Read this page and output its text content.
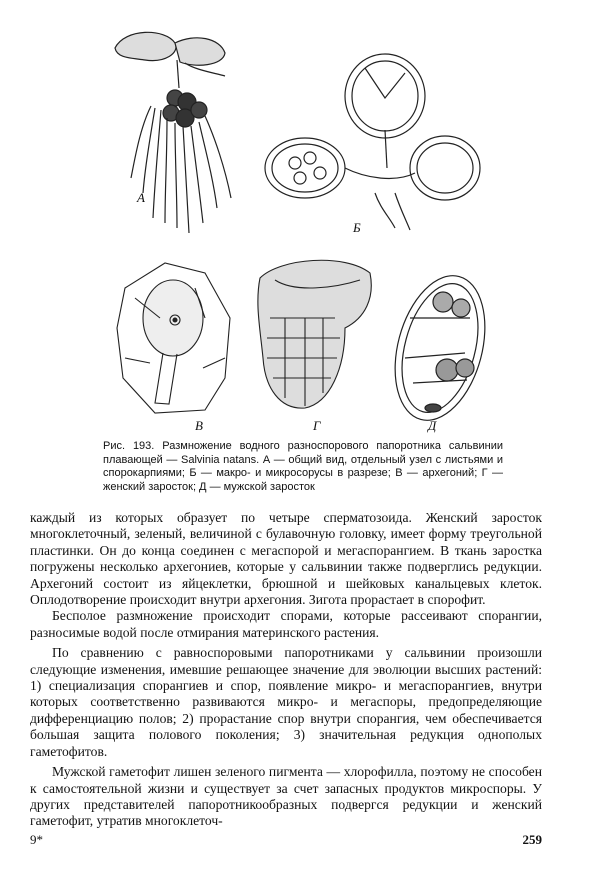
А
Б
В	Г	Д

Рис. 193. Размножение водного разноспорового папоротника сальвинии плавающей — Salvinia natans. А — общий вид, отдельный узел с листьями и спорокарпиями; Б — макро- и микросорусы в разрезе; В — архегоний; Г — женский заросток; Д — мужской заросток

каждый из которых образует по четыре сперматозоида. Женский заросток многоклеточный, зеленый, величиной с булавочную головку, имеет форму треугольной пластинки. Он до конца соединен с мегаспорой и мегаспорангием. В ткань заростка погружены несколько архегониев, которые у сальвинии также подверглись редукции. Архегоний состоит из яйцеклетки, брюшной и шейковых канальцевых клеток. Оплодотворение происходит внутри архегония. Зигота прорастает в спорофит.

Бесполое размножение происходит спорами, которые рассеивают спорангии, разносимые водой после отмирания материнского растения.

По сравнению с равноспоровыми папоротниками у сальвинии произошли следующие изменения, имевшие решающее значение для эволюции высших растений: 1) специализация спорангиев и спор, появление микро- и мегаспорангиев, внутри которых соответственно развиваются микро- и мегаспоры, предопределяющие дифференциацию полов; 2) прорастание спор внутри спорангия, чем обеспечивается большая защита полового поколения; 3) значительная редукция однополых гаметофитов.

Мужской гаметофит лишен зеленого пигмента — хлорофилла, поэтому не способен к самостоятельной жизни и существует за счет запасных продуктов микроспоры. У других представителей папоротникообразных подвергся редукции и женский гаметофит, утратив многоклеточ-

9*	259
